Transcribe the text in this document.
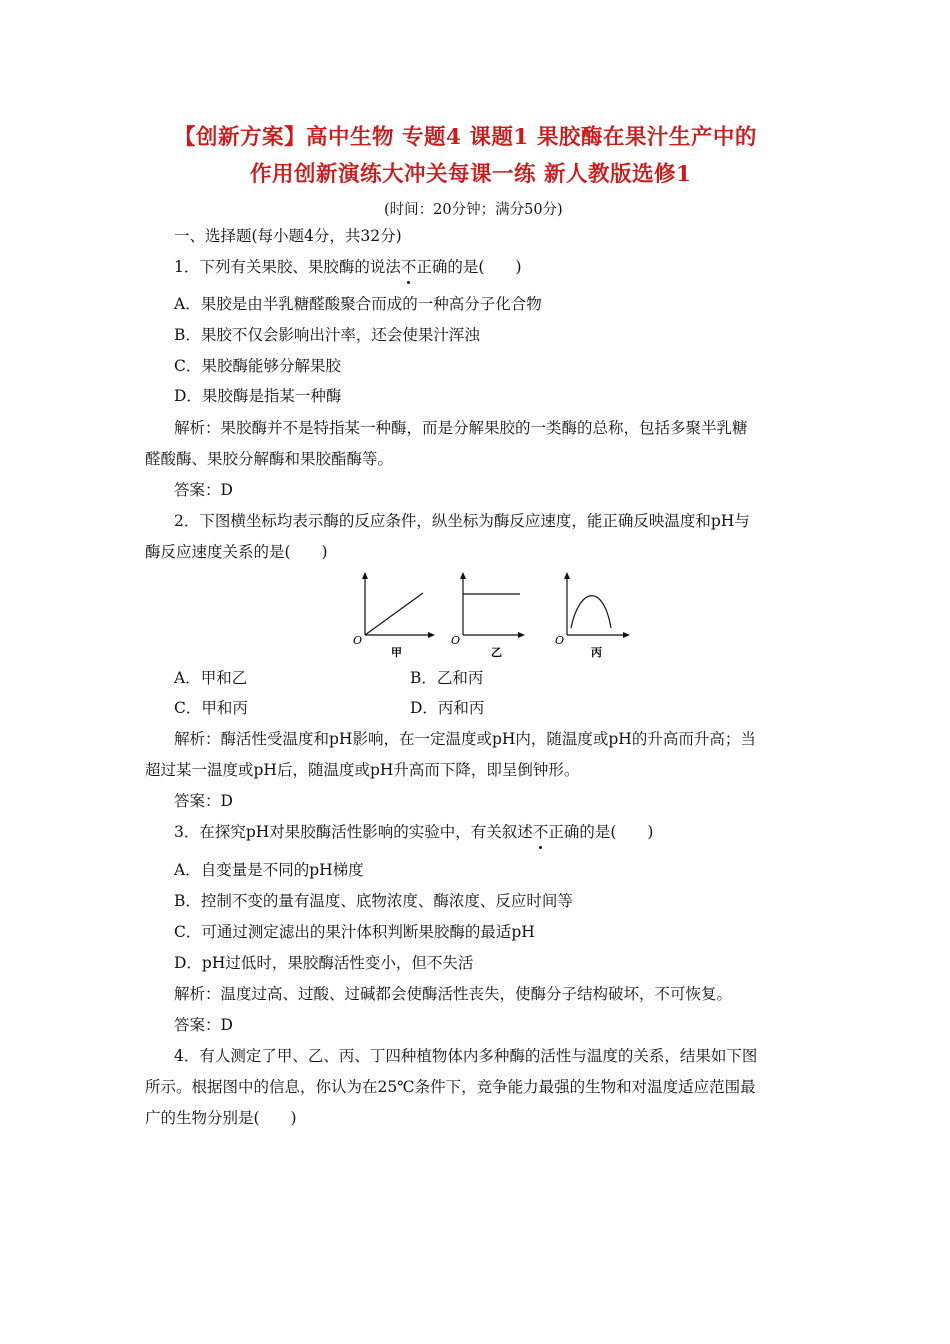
【创新方案】高中生物 专题4 课题1 果胶酶在果汁生产中的
作用创新演练大冲关每课一练 新人教版选修1
(时间：20分钟；满分50分)
一、选择题(每小题4分，共32分)
1．下列有关果胶、果胶酶的说法不正确的是(　　)
A．果胶是由半乳糖醛酸聚合而成的一种高分子化合物
B．果胶不仅会影响出汁率，还会使果汁浑浊
C．果胶酶能够分解果胶
D．果胶酶是指某一种酶
解析：果胶酶并不是特指某一种酶，而是分解果胶的一类酶的总称，包括多聚半乳糖
醛酸酶、果胶分解酶和果胶酯酶等。
答案：D
2．下图横坐标均表示酶的反应条件，纵坐标为酶反应速度，能正确反映温度和pH与
酶反应速度关系的是(　　)
O
甲
O
乙
O
丙
A．甲和乙	B．乙和丙
C．甲和丙	D．丙和丙
解析：酶活性受温度和pH影响，在一定温度或pH内，随温度或pH的升高而升高；当
超过某一温度或pH后，随温度或pH升高而下降，即呈倒钟形。
答案：D
3．在探究pH对果胶酶活性影响的实验中，有关叙述不正确的是(　　)
A．自变量是不同的pH梯度
B．控制不变的量有温度、底物浓度、酶浓度、反应时间等
C．可通过测定滤出的果汁体积判断果胶酶的最适pH
D．pH过低时，果胶酶活性变小，但不失活
解析：温度过高、过酸、过碱都会使酶活性丧失，使酶分子结构破坏，不可恢复。
答案：D
4．有人测定了甲、乙、丙、丁四种植物体内多种酶的活性与温度的关系，结果如下图
所示。根据图中的信息，你认为在25℃条件下，竞争能力最强的生物和对温度适应范围最
广的生物分别是(　　)
